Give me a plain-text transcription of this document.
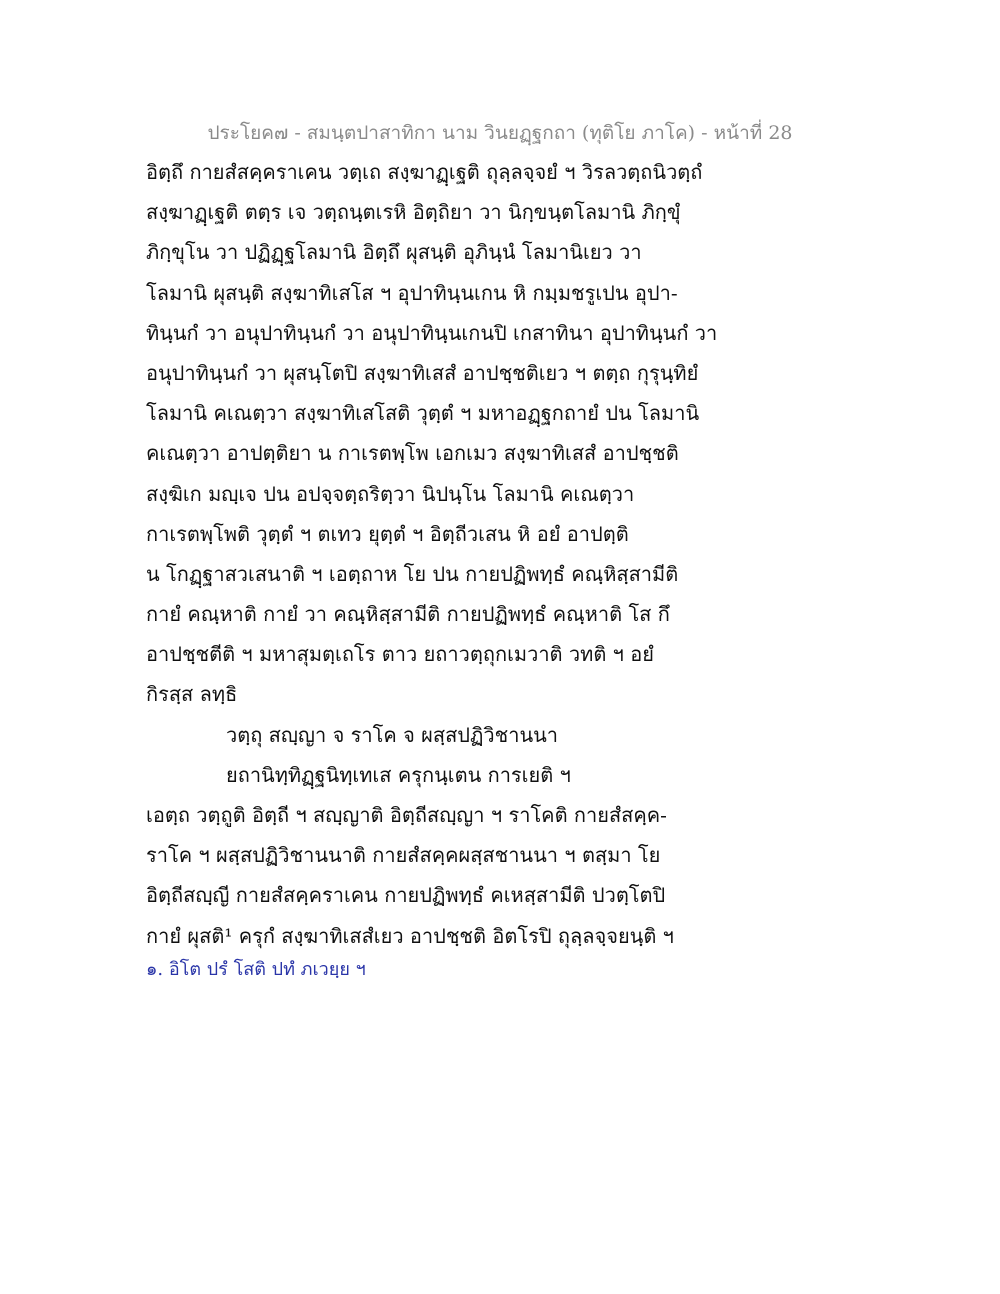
ประโยค๗ - สมนฺตปาสาทิกา นาม วินยฏฺฐกถา (ทุติโย ภาโค) - หน้าที่ 28
อิตฺถึ กายสํสคฺคราเคน วตฺเถ สงฺฆาฏฺเฐติ ถุลฺลจฺจยํ ฯ วิรลวตฺถนิวตฺถํ
สงฺฆาฏฺเฐติ ตตฺร เจ วตฺถนฺตเรหิ อิตฺถิยา วา นิกฺขนฺตโลมานิ ภิกฺขุํ
ภิกฺขุโน วา ปฏิฏฺฐโลมานิ อิตฺถึ ผุสนฺติ อุภินฺนํ โลมานิเยว วา
โลมานิ ผุสนฺติ สงฺฆาทิเสโส ฯ อุปาทินฺนเกน หิ กมฺมชรูเปน อุปา-
ทินฺนกํ วา อนุปาทินฺนกํ วา อนุปาทินฺนเกนปิ เกสาทินา อุปาทินฺนกํ วา
อนุปาทินฺนกํ วา ผุสนฺโตปิ สงฺฆาทิเสสํ อาปชฺชติเยว ฯ ตตฺถ กุรุนฺทิยํ
โลมานิ คเณตฺวา สงฺฆาทิเสโสติ วุตฺตํ ฯ มหาอฏฺฐกถายํ ปน โลมานิ
คเณตฺวา อาปตฺติยา น กาเรตพฺโพ เอกเมว สงฺฆาทิเสสํ อาปชฺชติ
สงฺฆิเก มญฺเจ ปน อปจฺจตฺถริตฺวา นิปนฺโน โลมานิ คเณตฺวา
กาเรตพฺโพติ วุตฺตํ ฯ ตเทว ยุตฺตํ ฯ อิตฺถีวเสน หิ อยํ อาปตฺติ
น โกฏฺฐาสวเสนาติ ฯ เอตฺถาห โย ปน กายปฏิพทฺธํ คณฺหิสฺสามีติ
กายํ คณฺหาติ กายํ วา คณฺหิสฺสามีติ กายปฏิพทฺธํ คณฺหาติ โส กึ
อาปชฺชตีติ ฯ มหาสุมตฺเถโร ตาว ยถาวตฺถุกเมวาติ วทติ ฯ อยํ
กิรสฺส ลทฺธิ
วตฺถุ สญฺญา จ ราโค จ ผสฺสปฏิวิชานนา
ยถานิทฺทิฏฺฐนิทฺเทเส ครุกนฺเตน การเยติ ฯ
เอตฺถ วตฺถูติ อิตฺถี ฯ สญฺญาติ อิตฺถีสญฺญา ฯ ราโคติ กายสํสคฺค-
ราโค ฯ ผสฺสปฏิวิชานนาติ กายสํสคฺคผสฺสชานนา ฯ ตสฺมา โย
อิตฺถีสญฺญี กายสํสคฺคราเคน กายปฏิพทฺธํ คเหสฺสามีติ ปวตฺโตปิ
กายํ ผุสติ¹ ครุกํ สงฺฆาทิเสสํเยว อาปชฺชติ อิตโรปิ ถุลฺลจฺจยนฺติ ฯ
๑. อิโต ปรํ โสติ ปทํ ภเวยฺย ฯ
